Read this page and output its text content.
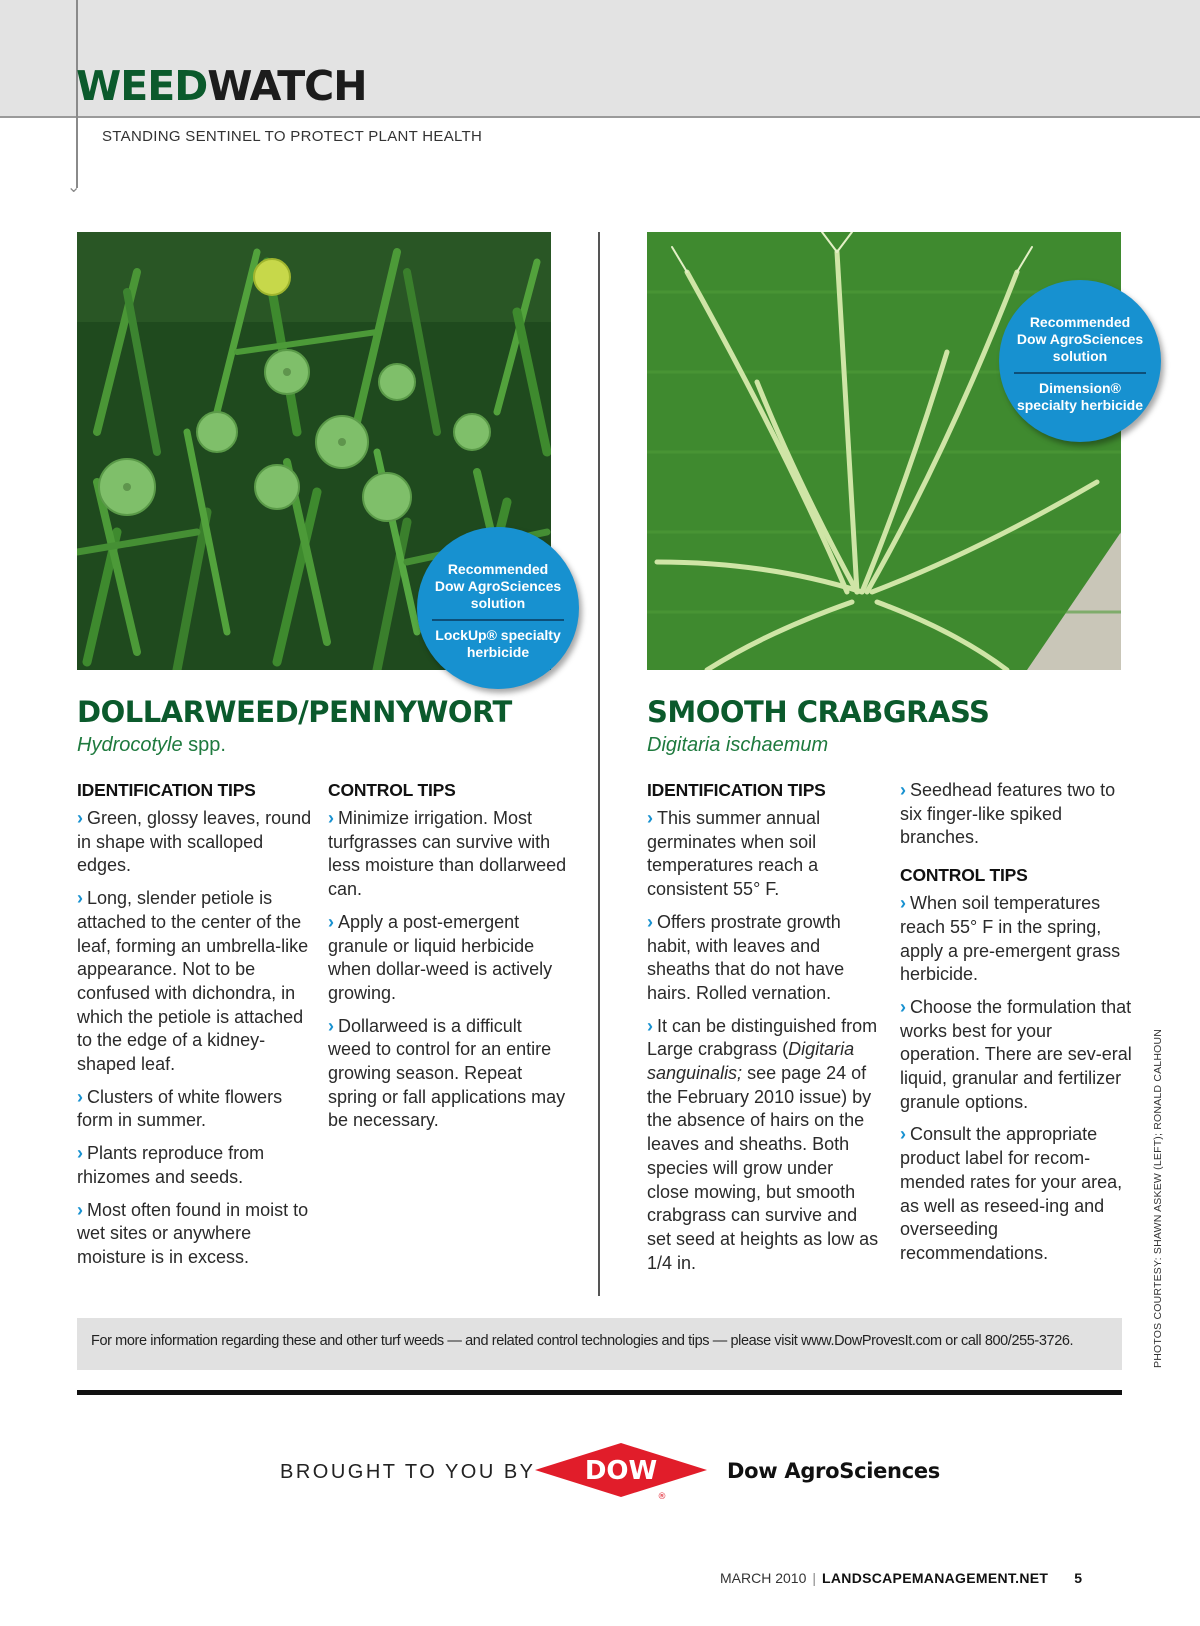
⌄
WEEDWATCH
STANDING SENTINEL TO PROTECT PLANT HEALTH
Recommended
Dow AgroSciences
solution
LockUp® specialty herbicide
Recommended
Dow AgroSciences
solution
Dimension® specialty herbicide
DOLLARWEED/PENNYWORT
Hydrocotyle spp.
SMOOTH CRABGRASS
Digitaria ischaemum
IDENTIFICATION TIPS

› Green, glossy leaves, round in shape with scalloped edges.

› Long, slender petiole is attached to the center of the leaf, forming an umbrella-like appearance. Not to be confused with dichondra, in which the petiole is attached to the edge of a kidney-shaped leaf.

› Clusters of white flowers form in summer.

› Plants reproduce from rhizomes and seeds.

› Most often found in moist to wet sites or anywhere moisture is in excess.

CONTROL TIPS

› Minimize irrigation. Most turfgrasses can survive with less moisture than dollarweed can.

› Apply a post-emergent granule or liquid herbicide when dollar-weed is actively growing.

› Dollarweed is a difficult weed to control for an entire growing season. Repeat spring or fall applications may be necessary.

IDENTIFICATION TIPS

› This summer annual germinates when soil temperatures reach a consistent 55° F.

› Offers prostrate growth habit, with leaves and sheaths that do not have hairs. Rolled vernation.

› It can be distinguished from Large crabgrass (Digitaria sanguinalis; see page 24 of the February 2010 issue) by the absence of hairs on the leaves and sheaths. Both species will grow under close mowing, but smooth crabgrass can survive and set seed at heights as low as 1/4 in.

› Seedhead features two to six finger-like spiked branches.

CONTROL TIPS

› When soil temperatures reach 55° F in the spring, apply a pre-emergent grass herbicide.

› Choose the formulation that works best for your operation. There are sev-eral liquid, granular and fertilizer granule options.

› Consult the appropriate product label for recom-mended rates for your area, as well as reseed-ing and overseeding recommendations.	PHOTOS COURTESY: SHAWN ASKEW (LEFT); RONALD CALHOUN
For more information regarding these and other turf weeds — and related control technologies and tips — please visit www.DowProvesIt.com or call 800/255-3726.
BROUGHT TO YOU BY DOW
®
Dow AgroSciences
MARCH 2010 | LANDSCAPEMANAGEMENT.NET 5
